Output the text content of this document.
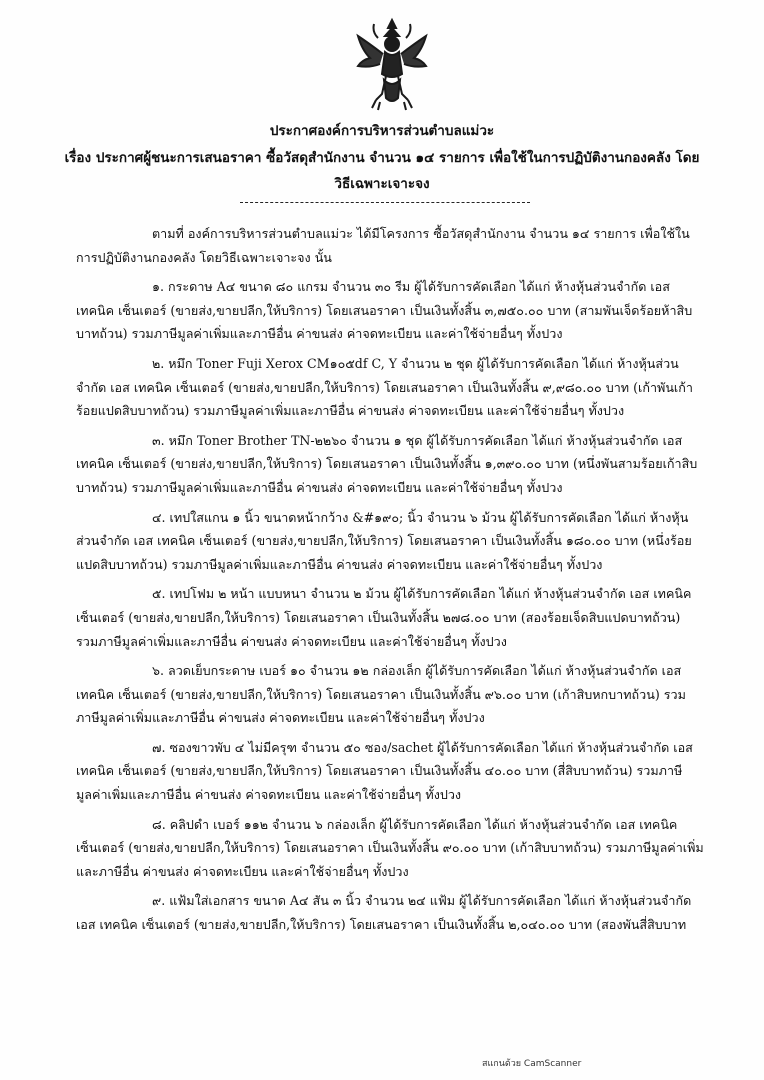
ประกาศองค์การบริหารส่วนตำบลแม่วะ
เรื่อง ประกาศผู้ชนะการเสนอราคา ซื้อวัสดุสำนักงาน จำนวน ๑๔ รายการ เพื่อใช้ในการปฏิบัติงานกองคลัง โดย
วิธีเฉพาะเจาะจง

ตามที่ องค์การบริหารส่วนตำบลแม่วะ ได้มีโครงการ ซื้อวัสดุสำนักงาน จำนวน ๑๔ รายการ เพื่อใช้ในการปฏิบัติงานกองคลัง โดยวิธีเฉพาะเจาะจง นั้น

๑. กระดาษ A๔ ขนาด ๘๐ แกรม จำนวน ๓๐ รีม ผู้ได้รับการคัดเลือก ได้แก่ ห้างหุ้นส่วนจำกัด เอส เทคนิค เซ็นเตอร์ (ขายส่ง,ขายปลีก,ให้บริการ) โดยเสนอราคา เป็นเงินทั้งสิ้น ๓,๗๕๐.๐๐ บาท (สามพันเจ็ดร้อยห้าสิบบาทถ้วน) รวมภาษีมูลค่าเพิ่มและภาษีอื่น ค่าขนส่ง ค่าจดทะเบียน และค่าใช้จ่ายอื่นๆ ทั้งปวง

๒. หมึก Toner Fuji Xerox CM๑๐๕df C, Y จำนวน ๒ ชุด ผู้ได้รับการคัดเลือก ได้แก่ ห้างหุ้นส่วนจำกัด เอส เทคนิค เซ็นเตอร์ (ขายส่ง,ขายปลีก,ให้บริการ) โดยเสนอราคา เป็นเงินทั้งสิ้น ๙,๙๘๐.๐๐ บาท (เก้าพันเก้าร้อยแปดสิบบาทถ้วน) รวมภาษีมูลค่าเพิ่มและภาษีอื่น ค่าขนส่ง ค่าจดทะเบียน และค่าใช้จ่ายอื่นๆ ทั้งปวง

๓. หมึก Toner Brother TN-๒๒๖๐ จำนวน ๑ ชุด ผู้ได้รับการคัดเลือก ได้แก่ ห้างหุ้นส่วนจำกัด เอส เทคนิค เซ็นเตอร์ (ขายส่ง,ขายปลีก,ให้บริการ) โดยเสนอราคา เป็นเงินทั้งสิ้น ๑,๓๙๐.๐๐ บาท (หนึ่งพันสามร้อยเก้าสิบบาทถ้วน) รวมภาษีมูลค่าเพิ่มและภาษีอื่น ค่าขนส่ง ค่าจดทะเบียน และค่าใช้จ่ายอื่นๆ ทั้งปวง

๔. เทปใสแกน ๑ นิ้ว ขนาดหน้ากว้าง &#๑๙๐; นิ้ว จำนวน ๖ ม้วน ผู้ได้รับการคัดเลือก ได้แก่ ห้างหุ้นส่วนจำกัด เอส เทคนิค เซ็นเตอร์ (ขายส่ง,ขายปลีก,ให้บริการ) โดยเสนอราคา เป็นเงินทั้งสิ้น ๑๘๐.๐๐ บาท (หนึ่งร้อยแปดสิบบาทถ้วน) รวมภาษีมูลค่าเพิ่มและภาษีอื่น ค่าขนส่ง ค่าจดทะเบียน และค่าใช้จ่ายอื่นๆ ทั้งปวง

๕. เทปโฟม ๒ หน้า แบบหนา จำนวน ๒ ม้วน ผู้ได้รับการคัดเลือก ได้แก่ ห้างหุ้นส่วนจำกัด เอส เทคนิค เซ็นเตอร์ (ขายส่ง,ขายปลีก,ให้บริการ) โดยเสนอราคา เป็นเงินทั้งสิ้น ๒๗๘.๐๐ บาท (สองร้อยเจ็ดสิบแปดบาทถ้วน) รวมภาษีมูลค่าเพิ่มและภาษีอื่น ค่าขนส่ง ค่าจดทะเบียน และค่าใช้จ่ายอื่นๆ ทั้งปวง

๖. ลวดเย็บกระดาษ เบอร์ ๑๐ จำนวน ๑๒ กล่องเล็ก ผู้ได้รับการคัดเลือก ได้แก่ ห้างหุ้นส่วนจำกัด เอส เทคนิค เซ็นเตอร์ (ขายส่ง,ขายปลีก,ให้บริการ) โดยเสนอราคา เป็นเงินทั้งสิ้น ๙๖.๐๐ บาท (เก้าสิบหกบาทถ้วน) รวมภาษีมูลค่าเพิ่มและภาษีอื่น ค่าขนส่ง ค่าจดทะเบียน และค่าใช้จ่ายอื่นๆ ทั้งปวง

๗. ซองขาวพับ ๔ ไม่มีครุฑ จำนวน ๕๐ ซอง/sachet ผู้ได้รับการคัดเลือก ได้แก่ ห้างหุ้นส่วนจำกัด เอส เทคนิค เซ็นเตอร์ (ขายส่ง,ขายปลีก,ให้บริการ) โดยเสนอราคา เป็นเงินทั้งสิ้น ๔๐.๐๐ บาท (สี่สิบบาทถ้วน) รวมภาษีมูลค่าเพิ่มและภาษีอื่น ค่าขนส่ง ค่าจดทะเบียน และค่าใช้จ่ายอื่นๆ ทั้งปวง

๘. คลิปดำ เบอร์ ๑๑๒ จำนวน ๖ กล่องเล็ก ผู้ได้รับการคัดเลือก ได้แก่ ห้างหุ้นส่วนจำกัด เอส เทคนิค เซ็นเตอร์ (ขายส่ง,ขายปลีก,ให้บริการ) โดยเสนอราคา เป็นเงินทั้งสิ้น ๙๐.๐๐ บาท (เก้าสิบบาทถ้วน) รวมภาษีมูลค่าเพิ่มและภาษีอื่น ค่าขนส่ง ค่าจดทะเบียน และค่าใช้จ่ายอื่นๆ ทั้งปวง

๙. แฟ้มใส่เอกสาร ขนาด A๔ สัน ๓ นิ้ว จำนวน ๒๔ แฟ้ม ผู้ได้รับการคัดเลือก ได้แก่ ห้างหุ้นส่วนจำกัด เอส เทคนิค เซ็นเตอร์ (ขายส่ง,ขายปลีก,ให้บริการ) โดยเสนอราคา เป็นเงินทั้งสิ้น ๒,๐๔๐.๐๐ บาท (สองพันสี่สิบบาท

สแกนด้วย CamScanner
